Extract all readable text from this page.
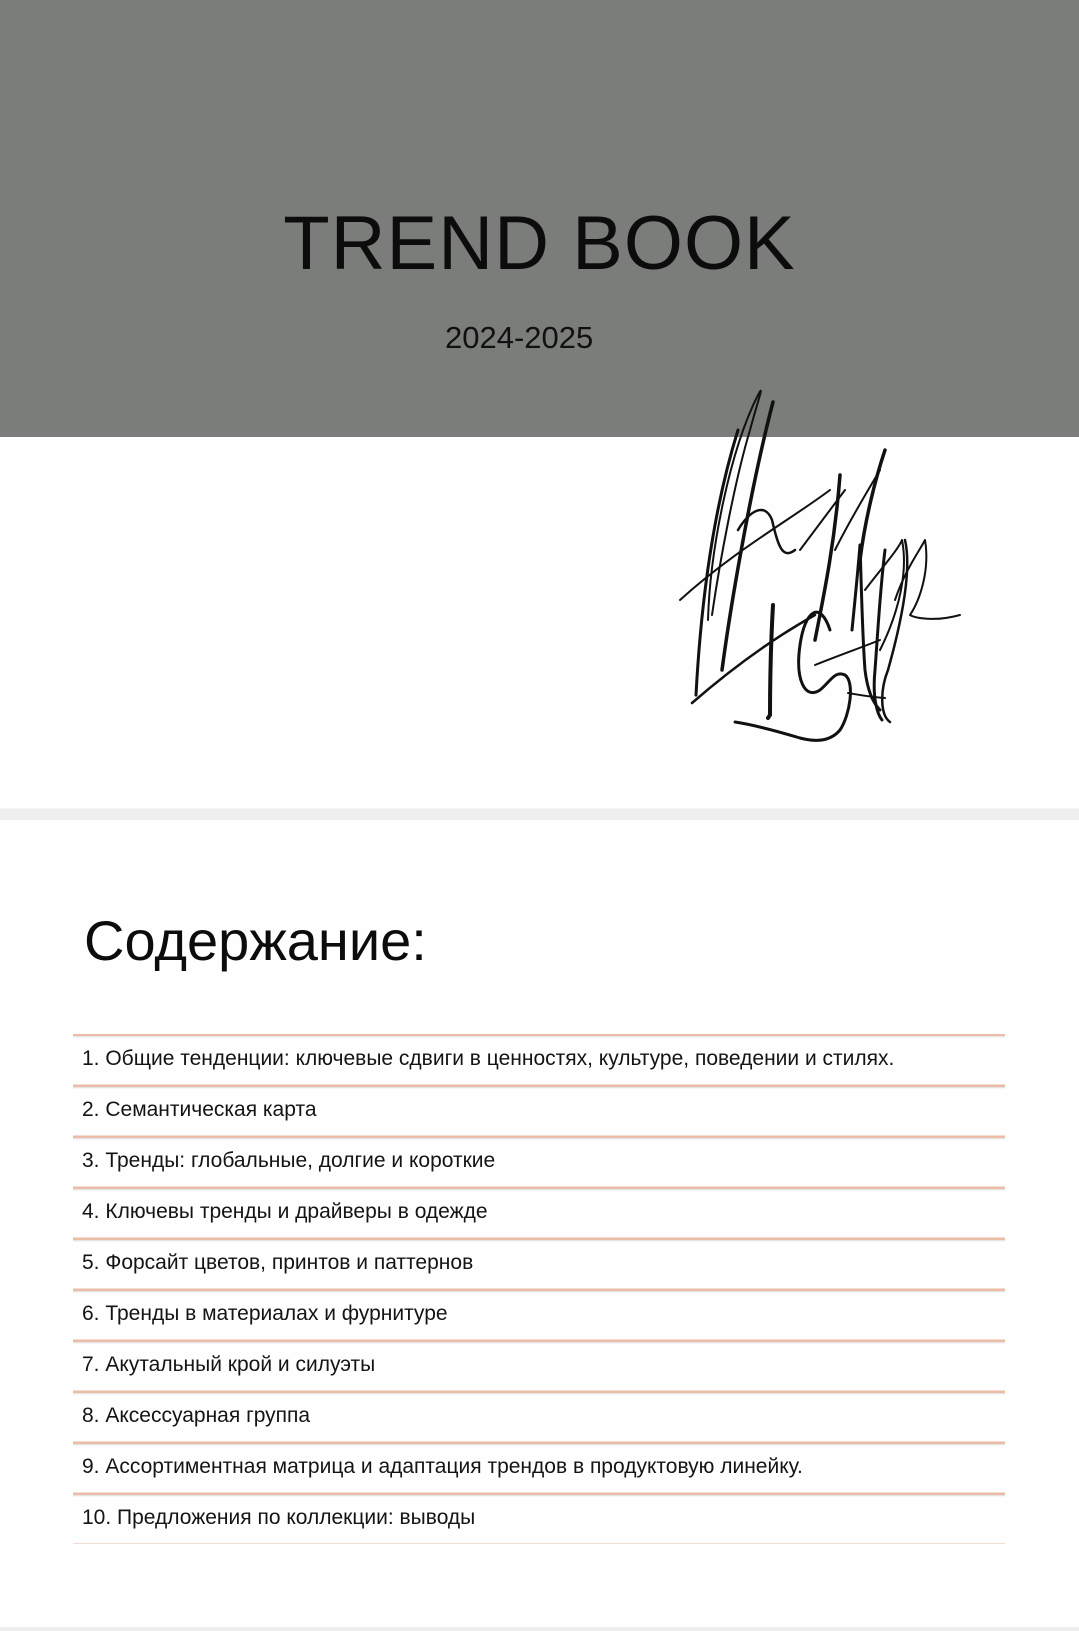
TREND BOOK
2024-2025
Содержание:
1. Общие тенденции: ключевые сдвиги в ценностях, культуре, поведении и стилях.
2. Семантическая карта
3. Тренды: глобальные, долгие и короткие
4. Ключевы тренды и драйверы в одежде
5. Форсайт цветов, принтов и паттернов
6. Тренды в материалах и фурнитуре
7. Акутальный крой и силуэты
8. Аксессуарная группа
9. Ассортиментная матрица и адаптация трендов в продуктовую линейку.
10. Предложения по коллекции: выводы
